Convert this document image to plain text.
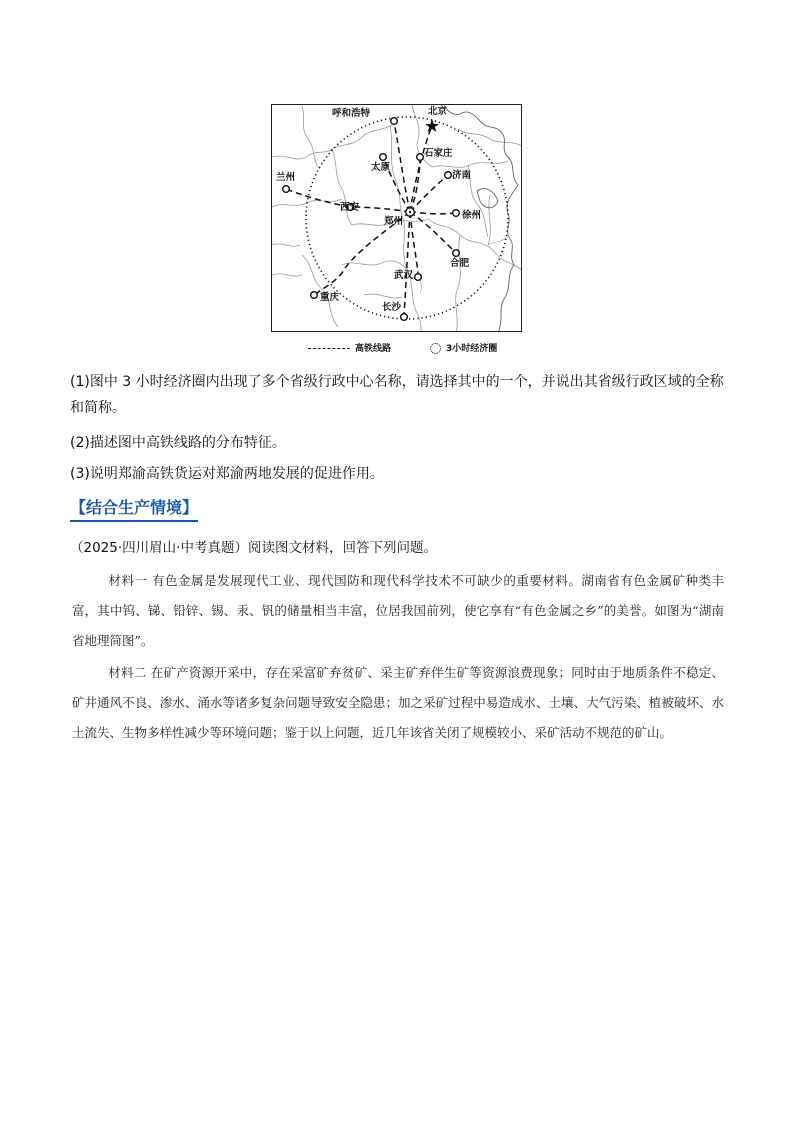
呼和浩特	北京
太原
石家庄
济南
兰州
西安
郑州
徐州
合肥
武汉
重庆
长沙
高铁线路	3小时经济圈
(1)图中 3 小时经济圈内出现了多个省级行政中心名称，请选择其中的一个，并说出其省级行政区域的全称
和简称。
(2)描述图中高铁线路的分布特征。
(3)说明郑渝高铁货运对郑渝两地发展的促进作用。
【结合生产情境】
（2025·四川眉山·中考真题）阅读图文材料，回答下列问题。
材料一 有色金属是发展现代工业、现代国防和现代科学技术不可缺少的重要材料。湖南省有色金属矿种类丰富，其中钨、锑、铅锌、锡、汞、钒的储量相当丰富，位居我国前列，使它享有“有色金属之乡”的美誉。如图为“湖南省地理简图”。
材料二 在矿产资源开采中，存在采富矿弃贫矿、采主矿弃伴生矿等资源浪费现象；同时由于地质条件不稳定、矿井通风不良、渗水、涌水等诸多复杂问题导致安全隐患；加之采矿过程中易造成水、土壤、大气污染、植被破坏、水土流失、生物多样性减少等环境问题；鉴于以上问题，近几年该省关闭了规模较小、采矿活动不规范的矿山。
